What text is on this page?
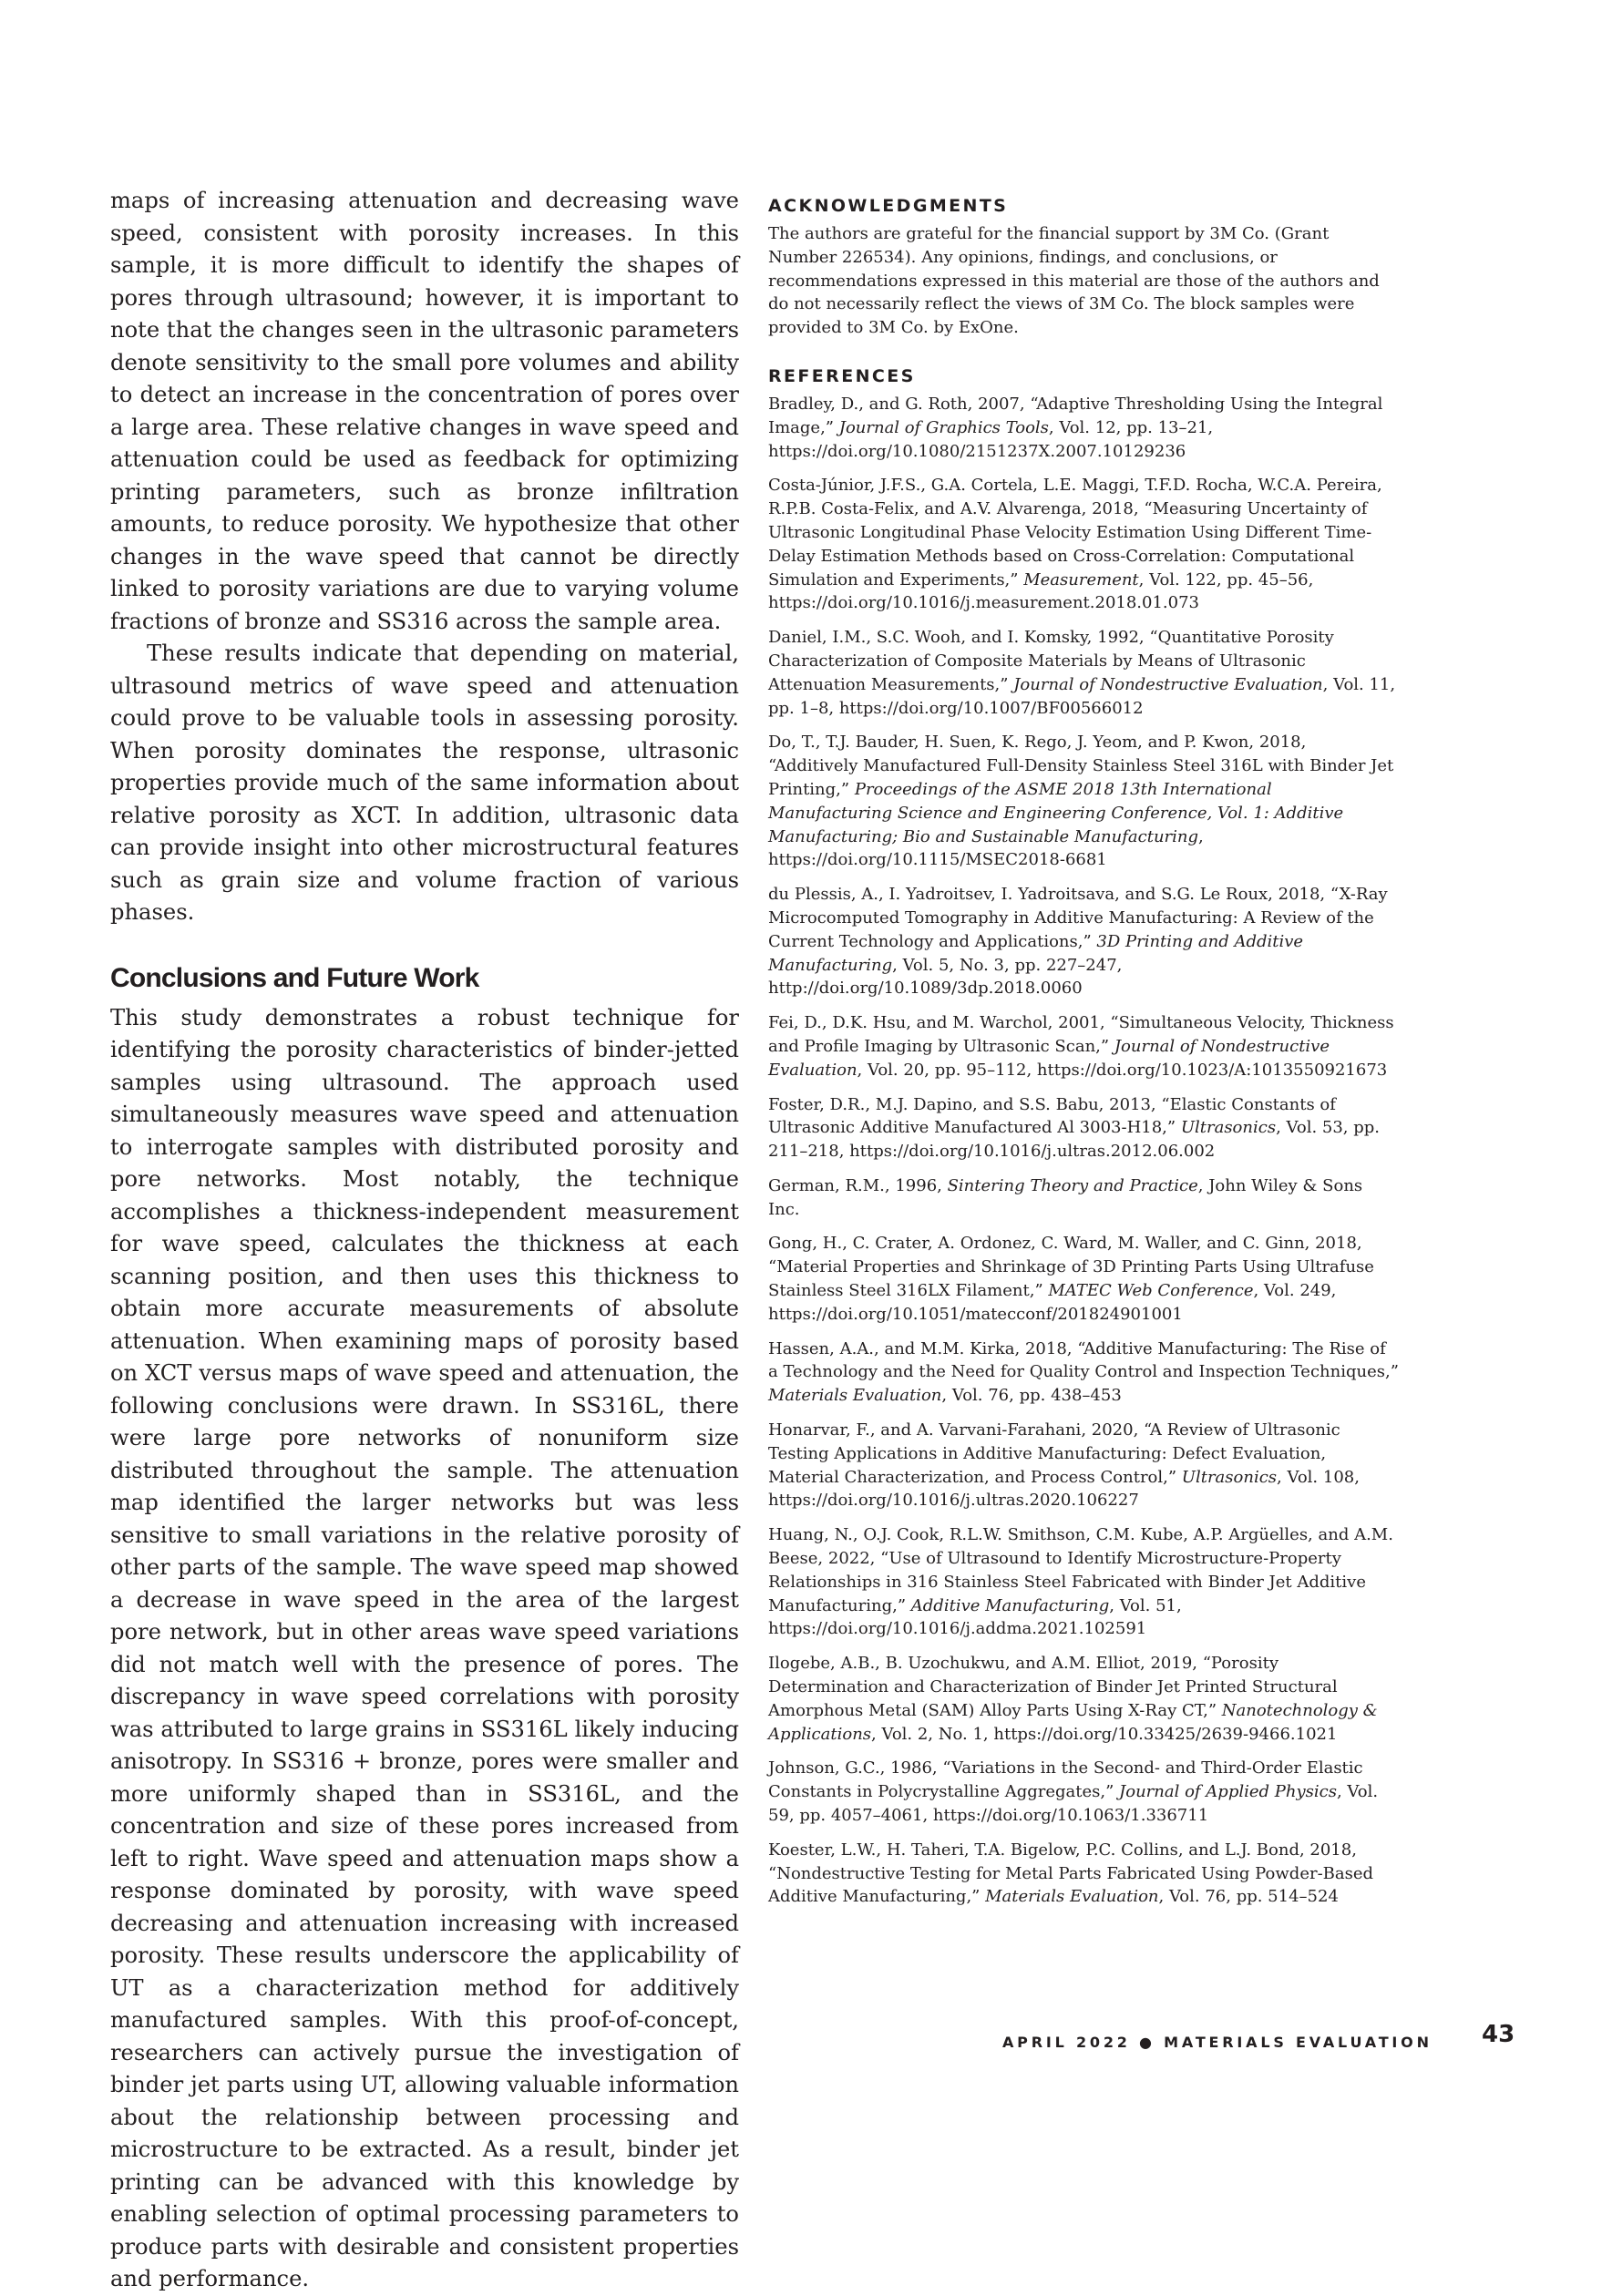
maps of increasing attenuation and decreasing wave speed, consistent with porosity increases. In this sample, it is more difficult to identify the shapes of pores through ultrasound; however, it is important to note that the changes seen in the ultrasonic parameters denote sensitivity to the small pore volumes and ability to detect an increase in the concentration of pores over a large area. These relative changes in wave speed and attenuation could be used as feedback for optimizing printing parameters, such as bronze infiltration amounts, to reduce porosity. We hypothesize that other changes in the wave speed that cannot be directly linked to porosity variations are due to varying volume fractions of bronze and SS316 across the sample area.

These results indicate that depending on material, ultrasound metrics of wave speed and attenuation could prove to be valuable tools in assessing porosity. When porosity dominates the response, ultrasonic properties provide much of the same information about relative porosity as XCT. In addition, ultrasonic data can provide insight into other microstructural features such as grain size and volume fraction of various phases.

Conclusions and Future Work

This study demonstrates a robust technique for identifying the porosity characteristics of binder-jetted samples using ultrasound. The approach used simultaneously measures wave speed and attenuation to interrogate samples with distributed porosity and pore networks. Most notably, the technique accomplishes a thickness-independent measurement for wave speed, calculates the thickness at each scanning position, and then uses this thickness to obtain more accurate measurements of absolute attenuation. When examining maps of porosity based on XCT versus maps of wave speed and attenuation, the following conclusions were drawn. In SS316L, there were large pore networks of nonuniform size distributed throughout the sample. The attenuation map identified the larger networks but was less sensitive to small variations in the relative porosity of other parts of the sample. The wave speed map showed a decrease in wave speed in the area of the largest pore network, but in other areas wave speed variations did not match well with the presence of pores. The discrepancy in wave speed correlations with porosity was attributed to large grains in SS316L likely inducing anisotropy. In SS316 + bronze, pores were smaller and more uniformly shaped than in SS316L, and the concentration and size of these pores increased from left to right. Wave speed and attenuation maps show a response dominated by porosity, with wave speed decreasing and attenuation increasing with increased porosity. These results underscore the applicability of UT as a characterization method for additively manufactured samples. With this proof-of-concept, researchers can actively pursue the investigation of binder jet parts using UT, allowing valuable information about the relationship between processing and microstructure to be extracted. As a result, binder jet printing can be advanced with this knowledge by enabling selection of optimal processing parameters to produce parts with desirable and consistent properties and performance.

ACKNOWLEDGMENTS

The authors are grateful for the financial support by 3M Co. (Grant Number 226534). Any opinions, findings, and conclusions, or recommendations expressed in this material are those of the authors and do not necessarily reflect the views of 3M Co. The block samples were provided to 3M Co. by ExOne.

REFERENCES

Bradley, D., and G. Roth, 2007, “Adaptive Thresholding Using the Integral Image,” Journal of Graphics Tools, Vol. 12, pp. 13–21, https://doi.org/10.1080/2151237X.2007.10129236

Costa-Júnior, J.F.S., G.A. Cortela, L.E. Maggi, T.F.D. Rocha, W.C.A. Pereira, R.P.B. Costa-Felix, and A.V. Alvarenga, 2018, “Measuring Uncertainty of Ultrasonic Longitudinal Phase Velocity Estimation Using Different Time-Delay Estimation Methods based on Cross-Correlation: Computational Simulation and Experiments,” Measurement, Vol. 122, pp. 45–56, https://doi.org/10.1016/j.measurement.2018.01.073

Daniel, I.M., S.C. Wooh, and I. Komsky, 1992, “Quantitative Porosity Characterization of Composite Materials by Means of Ultrasonic Attenuation Measurements,” Journal of Nondestructive Evaluation, Vol. 11, pp. 1–8, https://doi.org/10.1007/BF00566012

Do, T., T.J. Bauder, H. Suen, K. Rego, J. Yeom, and P. Kwon, 2018, “Additively Manufactured Full-Density Stainless Steel 316L with Binder Jet Printing,” Proceedings of the ASME 2018 13th International Manufacturing Science and Engineering Conference, Vol. 1: Additive Manufacturing; Bio and Sustainable Manufacturing, https://doi.org/10.1115/MSEC2018-6681

du Plessis, A., I. Yadroitsev, I. Yadroitsava, and S.G. Le Roux, 2018, “X-Ray Microcomputed Tomography in Additive Manufacturing: A Review of the Current Technology and Applications,” 3D Printing and Additive Manufacturing, Vol. 5, No. 3, pp. 227–247, http://doi.org/10.1089/3dp.2018.0060

Fei, D., D.K. Hsu, and M. Warchol, 2001, “Simultaneous Velocity, Thickness and Profile Imaging by Ultrasonic Scan,” Journal of Nondestructive Evaluation, Vol. 20, pp. 95–112, https://doi.org/10.1023/A:1013550921673

Foster, D.R., M.J. Dapino, and S.S. Babu, 2013, “Elastic Constants of Ultrasonic Additive Manufactured Al 3003-H18,” Ultrasonics, Vol. 53, pp. 211–218, https://doi.org/10.1016/j.ultras.2012.06.002

German, R.M., 1996, Sintering Theory and Practice, John Wiley & Sons Inc.

Gong, H., C. Crater, A. Ordonez, C. Ward, M. Waller, and C. Ginn, 2018, “Material Properties and Shrinkage of 3D Printing Parts Using Ultrafuse Stainless Steel 316LX Filament,” MATEC Web Conference, Vol. 249, https://doi.org/10.1051/matecconf/201824901001

Hassen, A.A., and M.M. Kirka, 2018, “Additive Manufacturing: The Rise of a Technology and the Need for Quality Control and Inspection Techniques,” Materials Evaluation, Vol. 76, pp. 438–453

Honarvar, F., and A. Varvani-Farahani, 2020, “A Review of Ultrasonic Testing Applications in Additive Manufacturing: Defect Evaluation, Material Characterization, and Process Control,” Ultrasonics, Vol. 108, https://doi.org/10.1016/j.ultras.2020.106227

Huang, N., O.J. Cook, R.L.W. Smithson, C.M. Kube, A.P. Argüelles, and A.M. Beese, 2022, “Use of Ultrasound to Identify Microstructure-Property Relationships in 316 Stainless Steel Fabricated with Binder Jet Additive Manufacturing,” Additive Manufacturing, Vol. 51, https://doi.org/10.1016/j.addma.2021.102591

Ilogebe, A.B., B. Uzochukwu, and A.M. Elliot, 2019, “Porosity Determination and Characterization of Binder Jet Printed Structural Amorphous Metal (SAM) Alloy Parts Using X-Ray CT,” Nanotechnology & Applications, Vol. 2, No. 1, https://doi.org/10.33425/2639-9466.1021

Johnson, G.C., 1986, “Variations in the Second- and Third-Order Elastic Constants in Polycrystalline Aggregates,” Journal of Applied Physics, Vol. 59, pp. 4057–4061, https://doi.org/10.1063/1.336711

Koester, L.W., H. Taheri, T.A. Bigelow, P.C. Collins, and L.J. Bond, 2018, “Nondestructive Testing for Metal Parts Fabricated Using Powder-Based Additive Manufacturing,” Materials Evaluation, Vol. 76, pp. 514–524

APRIL 2022 ● MATERIALS EVALUATION 43
